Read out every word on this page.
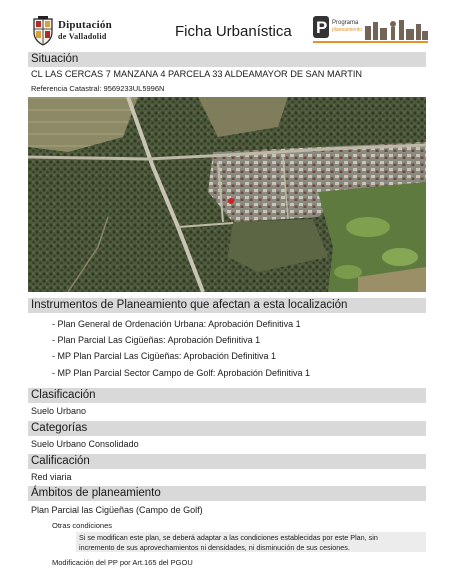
Diputación
de Valladolid	Ficha Urbanística P Programa
planeamiento
Situación
CL LAS CERCAS 7 MANZANA 4 PARCELA 33 ALDEAMAYOR DE SAN MARTIN
Referencia Catastral: 9569233UL5996N
Instrumentos de Planeamiento que afectan a esta localización
- Plan General de Ordenación Urbana: Aprobación Definitiva 1
- Plan Parcial Las Cigüeñas: Aprobación Definitiva 1
- MP Plan Parcial Las Cigüeñas: Aprobación Definitiva 1
- MP Plan Parcial Sector Campo de Golf: Aprobación Definitiva 1
Clasificación
Suelo Urbano
Categorías
Suelo Urbano Consolidado
Calificación
Red viaria
Ámbitos de planeamiento
Plan Parcial las Cigüeñas (Campo de Golf)
Otras condiciones
Si se modifican este plan, se deberá adaptar a las condiciones establecidas por este Plan, sin
incremento de sus aprovechamientos ni densidades, ni disminución de sus cesiones.
Modificación del PP por Art.165 del PGOU
